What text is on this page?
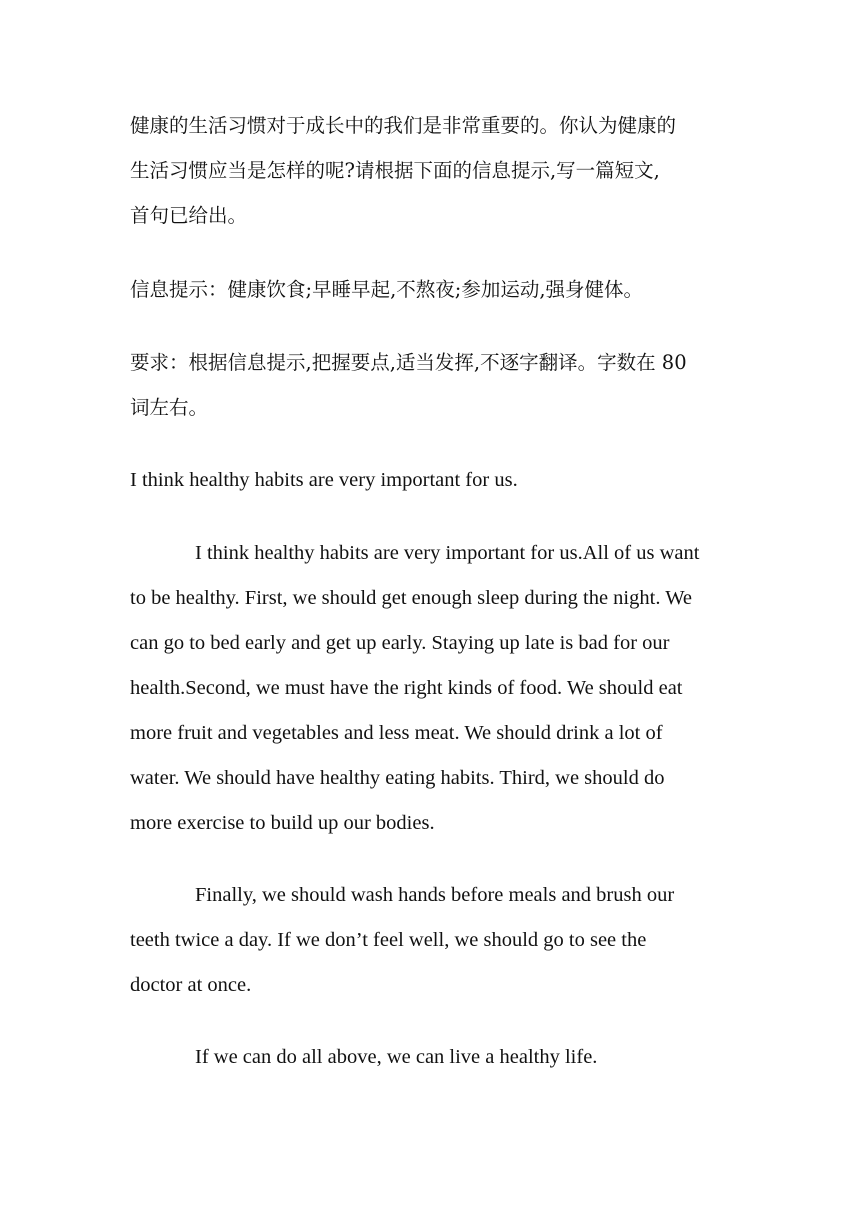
健康的生活习惯对于成长中的我们是非常重要的。你认为健康的
生活习惯应当是怎样的呢?请根据下面的信息提示,写一篇短文,
首句已给出。
信息提示：健康饮食;早睡早起,不熬夜;参加运动,强身健体。
要求：根据信息提示,把握要点,适当发挥,不逐字翻译。字数在 80
词左右。
I think healthy habits are very important for us.
I think healthy habits are very important for us.All of us want
to be healthy. First, we should get enough sleep during the night. We
can go to bed early and get up early. Staying up late is bad for our
health.Second, we must have the right kinds of food. We should eat
more fruit and vegetables and less meat. We should drink a lot of
water. We should have healthy eating habits. Third, we should do
more exercise to build up our bodies.
Finally, we should wash hands before meals and brush our
teeth twice a day. If we don’t feel well, we should go to see the
doctor at once.
If we can do all above, we can live a healthy life.
